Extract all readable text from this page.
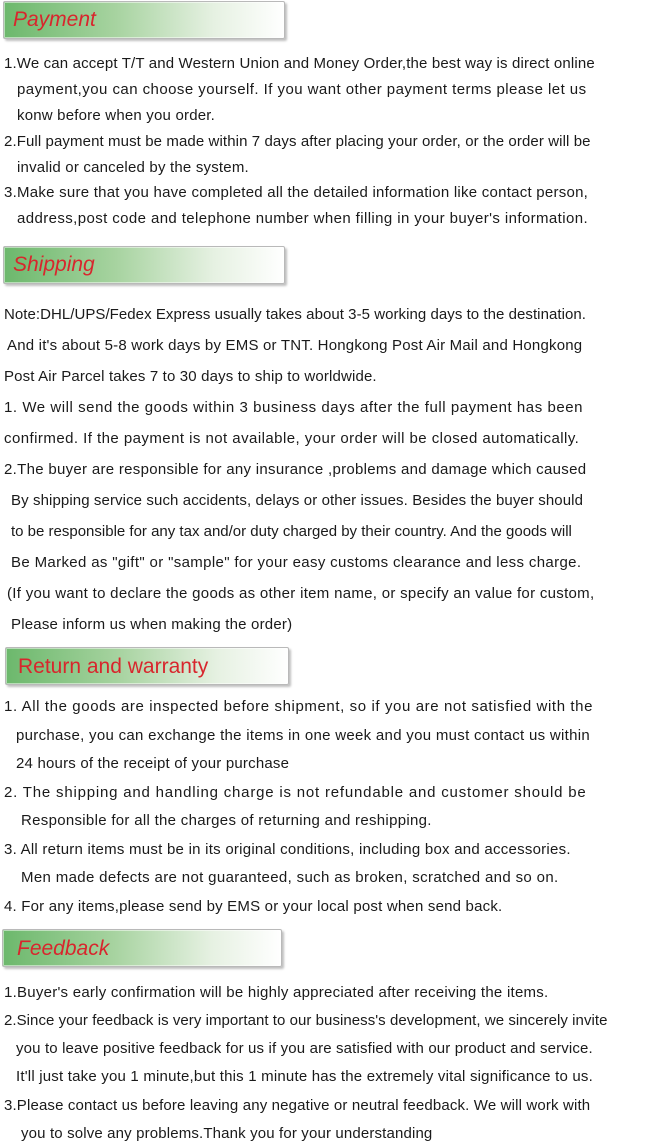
Payment
1.We can accept T/T and Western Union and Money Order,the best way is direct online
payment,you can choose yourself. If you want other payment terms please let us
konw before when you order.
2.Full payment must be made within 7 days after placing your order, or the order will be
invalid or canceled by the system.
3.Make sure that you have completed all the detailed information like contact person,
address,post code and telephone number when filling in your buyer's information.
Shipping
Note:DHL/UPS/Fedex Express usually takes about 3-5 working days to the destination.
And it's about 5-8 work days by EMS or TNT. Hongkong Post Air Mail and Hongkong
Post Air Parcel takes 7 to 30 days to ship to worldwide.
1. We will send the goods within 3 business days after the full payment has been
confirmed. If the payment is not available, your order will be closed automatically.
2.The buyer are responsible for any insurance ,problems and damage which caused
By shipping service such accidents, delays or other issues. Besides the buyer should
to be responsible for any tax and/or duty charged by their country. And the goods will
Be Marked as "gift" or "sample" for your easy customs clearance and less charge.
(If you want to declare the goods as other item name, or specify an value for custom,
Please inform us when making the order)
Return and warranty
1. All the goods are inspected before shipment, so if you are not satisfied with the
purchase, you can exchange the items in one week and you must contact us within
24 hours of the receipt of your purchase
2. The shipping and handling charge is not refundable and customer should be
Responsible for all the charges of returning and reshipping.
3. All return items must be in its original conditions, including box and accessories.
Men made defects are not guaranteed, such as broken, scratched and so on.
4. For any items,please send by EMS or your local post when send back.
Feedback
1.Buyer's early confirmation will be highly appreciated after receiving the items.
2.Since your feedback is very important to our business's development, we sincerely invite
you to leave positive feedback for us if you are satisfied with our product and service.
It'll just take you 1 minute,but this 1 minute has the extremely vital significance to us.
3.Please contact us before leaving any negative or neutral feedback. We will work with
you to solve any problems.Thank you for your understanding
